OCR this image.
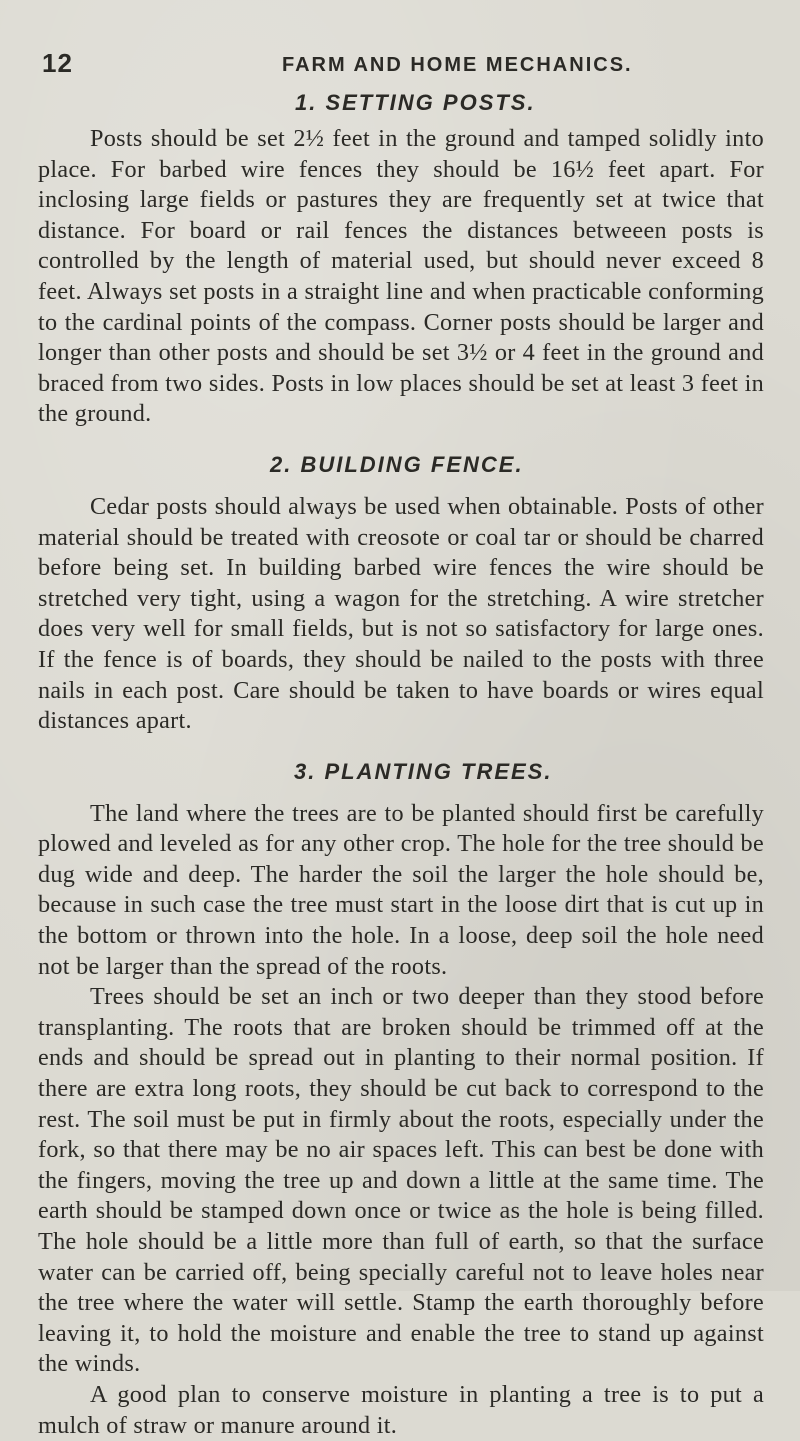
12	FARM AND HOME MECHANICS.
1. SETTING POSTS.

Posts should be set 2½ feet in the ground and tamped solidly into place. For barbed wire fences they should be 16½ feet apart. For inclosing large fields or pastures they are frequently set at twice that distance. For board or rail fences the distances betweeen posts is controlled by the length of material used, but should never exceed 8 feet. Always set posts in a straight line and when practicable conforming to the cardinal points of the compass. Corner posts should be larger and longer than other posts and should be set 3½ or 4 feet in the ground and braced from two sides. Posts in low places should be set at least 3 feet in the ground.

2. BUILDING FENCE.

Cedar posts should always be used when obtainable. Posts of other material should be treated with creosote or coal tar or should be charred before being set. In building barbed wire fences the wire should be stretched very tight, using a wagon for the stretching. A wire stretcher does very well for small fields, but is not so satisfactory for large ones. If the fence is of boards, they should be nailed to the posts with three nails in each post. Care should be taken to have boards or wires equal distances apart.

3. PLANTING TREES.

The land where the trees are to be planted should first be carefully plowed and leveled as for any other crop. The hole for the tree should be dug wide and deep. The harder the soil the larger the hole should be, because in such case the tree must start in the loose dirt that is cut up in the bottom or thrown into the hole. In a loose, deep soil the hole need not be larger than the spread of the roots.

Trees should be set an inch or two deeper than they stood before transplanting. The roots that are broken should be trimmed off at the ends and should be spread out in planting to their normal position. If there are extra long roots, they should be cut back to correspond to the rest. The soil must be put in firmly about the roots, especially under the fork, so that there may be no air spaces left. This can best be done with the fingers, moving the tree up and down a little at the same time. The earth should be stamped down once or twice as the hole is being filled. The hole should be a little more than full of earth, so that the surface water can be carried off, being specially careful not to leave holes near the tree where the water will settle. Stamp the earth thoroughly before leaving it, to hold the moisture and enable the tree to stand up against the winds.

A good plan to conserve moisture in planting a tree is to put a mulch of straw or manure around it.
